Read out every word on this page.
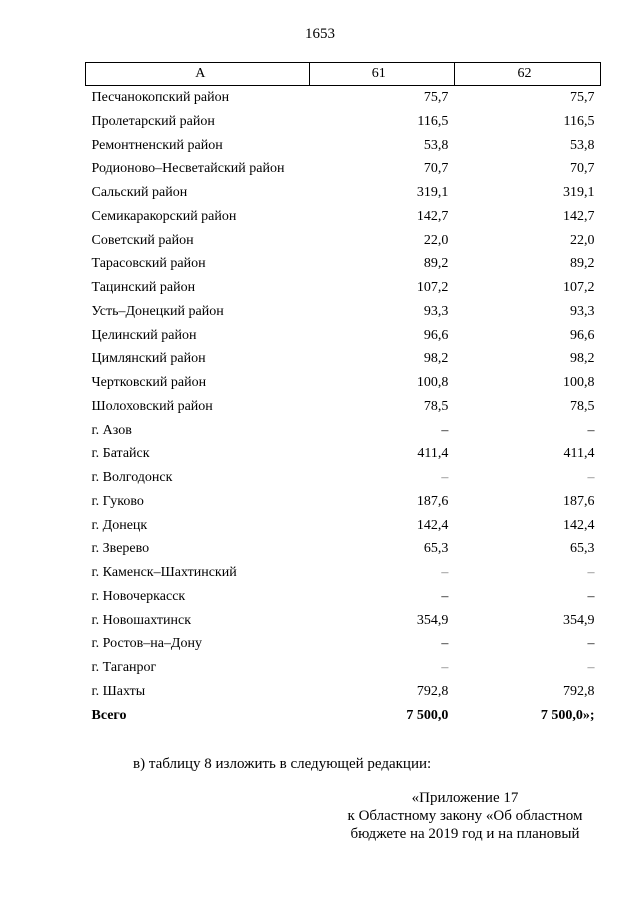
1653
А	61	62
Песчанокопский район	75,7	75,7
Пролетарский район	116,5	116,5
Ремонтненский район	53,8	53,8
Родионово–Несветайский район	70,7	70,7
Сальский район	319,1	319,1
Семикаракорский район	142,7	142,7
Советский район	22,0	22,0
Тарасовский район	89,2	89,2
Тацинский район	107,2	107,2
Усть–Донецкий район	93,3	93,3
Целинский район	96,6	96,6
Цимлянский район	98,2	98,2
Чертковский район	100,8	100,8
Шолоховский район	78,5	78,5
г. Азов	–	–
г. Батайск	411,4	411,4
г. Волгодонск	–	–
г. Гуково	187,6	187,6
г. Донецк	142,4	142,4
г. Зверево	65,3	65,3
г. Каменск–Шахтинский	–	–
г. Новочеркасск	–	–
г. Новошахтинск	354,9	354,9
г. Ростов–на–Дону	–	–
г. Таганрог	–	–
г. Шахты	792,8	792,8
Всего	7 500,0	7 500,0»;
в) таблицу 8 изложить в следующей редакции:
«Приложение 17
к Областному закону «Об областном
бюджете на 2019 год и на плановый
